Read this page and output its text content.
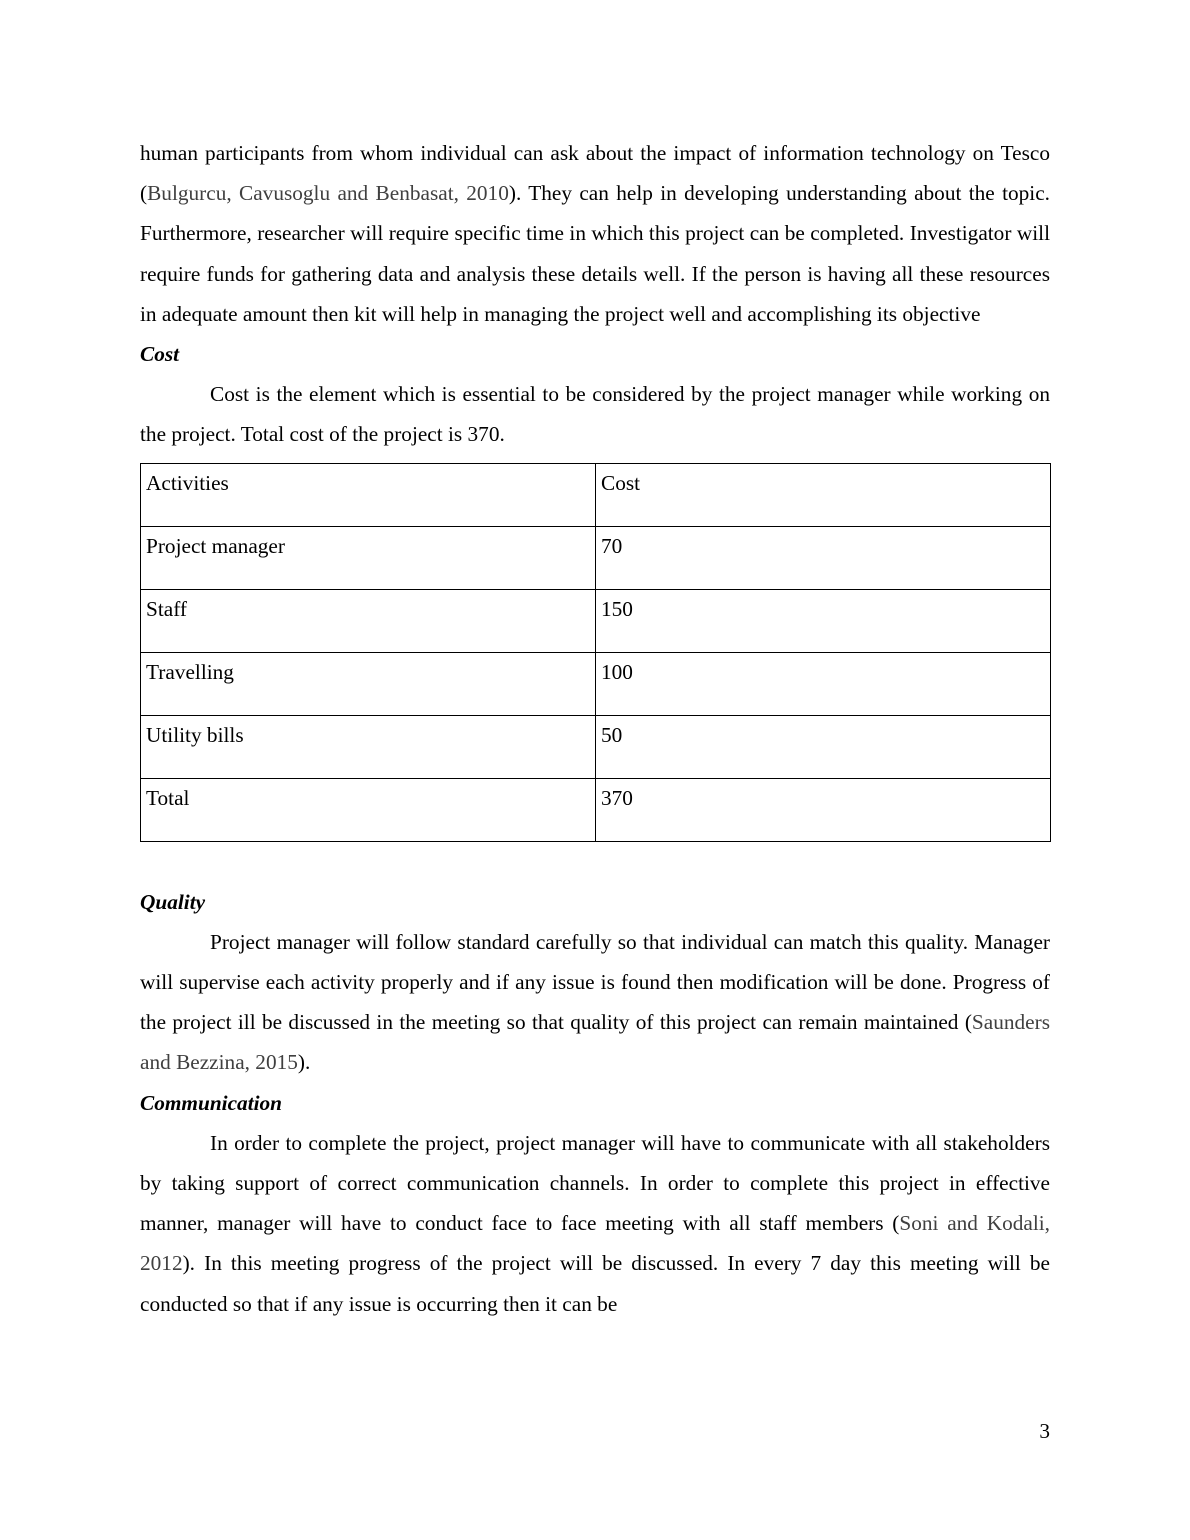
human participants from whom individual can ask about the impact of information technology on Tesco (Bulgurcu, Cavusoglu and Benbasat, 2010). They can help in developing understanding about the topic. Furthermore, researcher will require specific time in which this project can be completed. Investigator will require funds for gathering data and analysis these details well. If the person is having all these resources in adequate amount then kit will help in managing the project well and accomplishing its objective

Cost

Cost is the element which is essential to be considered by the project manager while working on the project. Total cost of the project is 370.

Activities	Cost
Project manager	70
Staff	150
Travelling	100
Utility bills	50
Total	370
Quality

Project manager will follow standard carefully so that individual can match this quality. Manager will supervise each activity properly and if any issue is found then modification will be done. Progress of the project ill be discussed in the meeting so that quality of this project can remain maintained (Saunders and Bezzina, 2015).

Communication

In order to complete the project, project manager will have to communicate with all stakeholders by taking support of correct communication channels. In order to complete this project in effective manner, manager will have to conduct face to face meeting with all staff members (Soni and Kodali, 2012). In this meeting progress of the project will be discussed. In every 7 day this meeting will be conducted so that if any issue is occurring then it can be

3
